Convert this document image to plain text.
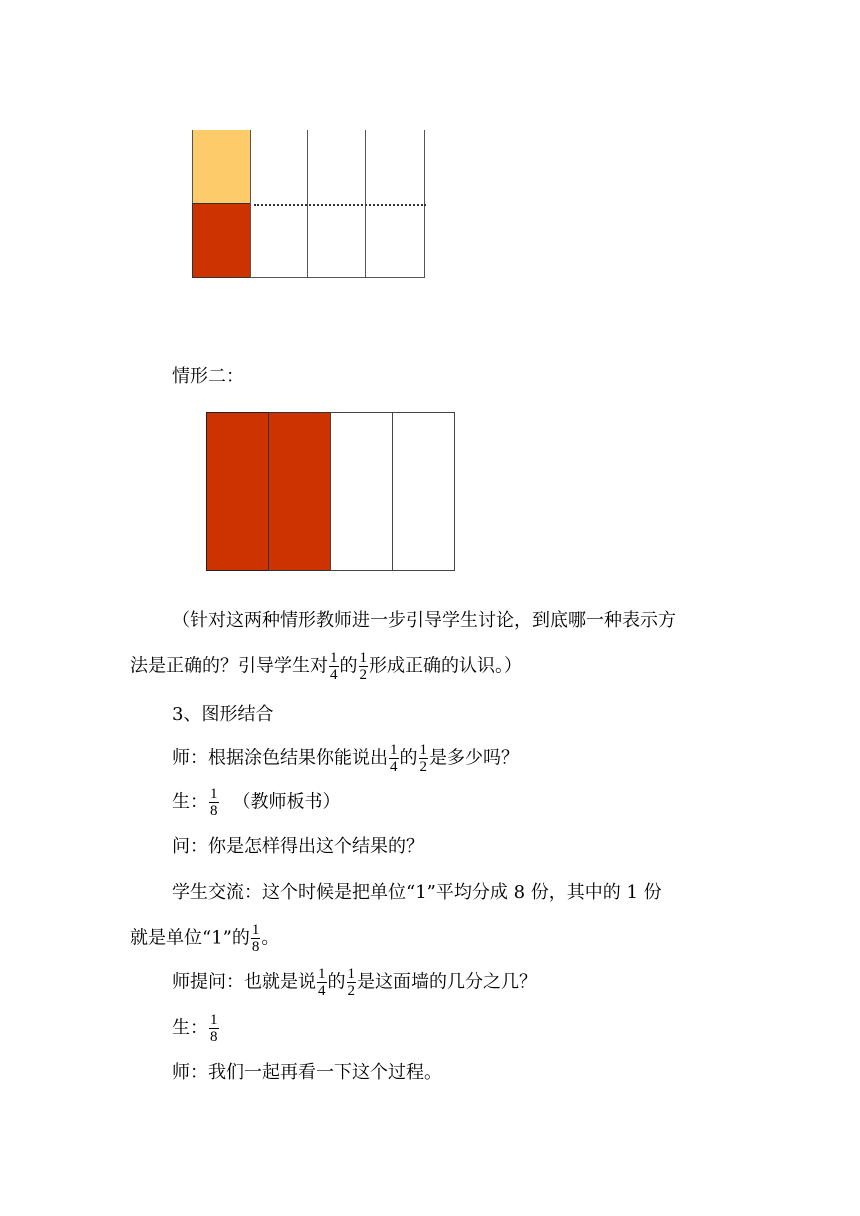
情形二：
（针对这两种情形教师进一步引导学生讨论，到底哪一种表示方
法是正确的？引导学生对 $\frac{1}{4}$ 的 $\frac{1}{2}$ 形成正确的认识。）
3、图形结合
师：根据涂色结果你能说出 $\frac{1}{4}$ 的 $\frac{1}{2}$ 是多少吗？
生： $\frac{1}{8}$ （教师板书）
问：你是怎样得出这个结果的？
学生交流：这个时候是把单位“1”平均分成 8 份，其中的 1 份
就是单位“1”的 $\frac{1}{8}$ 。
师提问：也就是说 $\frac{1}{4}$ 的 $\frac{1}{2}$ 是这面墙的几分之几？
生： $\frac{1}{8}$
师：我们一起再看一下这个过程。
